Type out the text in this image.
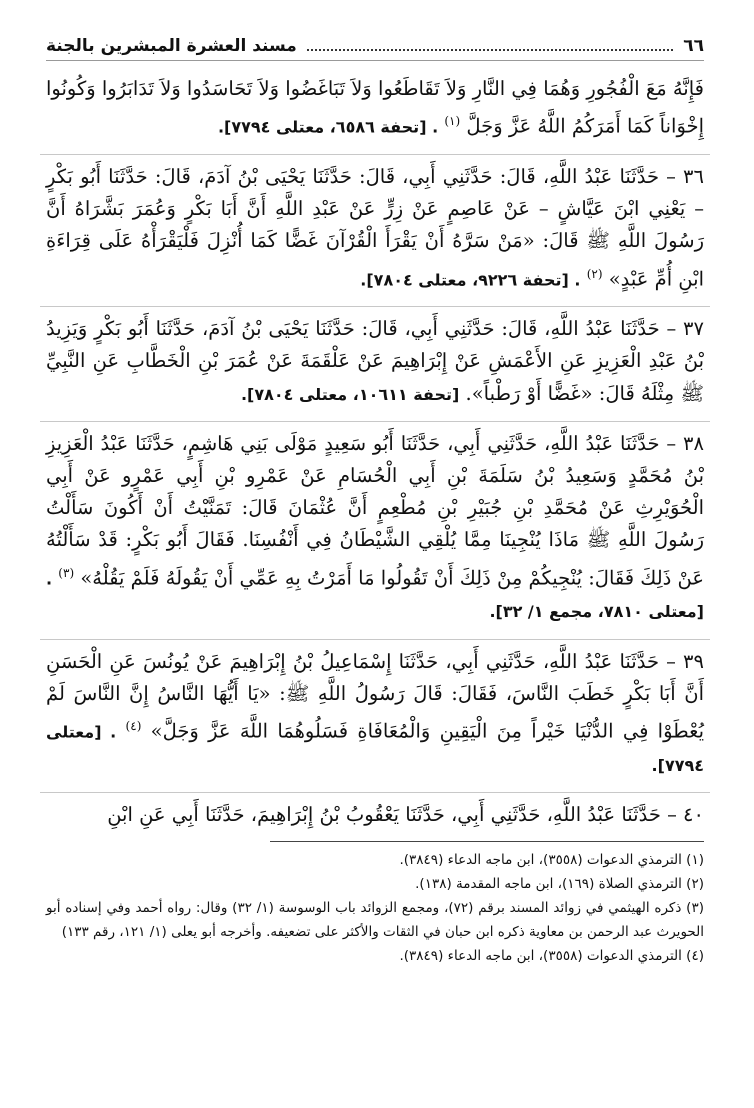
٦٦
مسند العشرة المبشرين بالجنة

فَإِنَّهُ مَعَ الْفُجُورِ وَهُمَا فِي النَّارِ وَلاَ تَقَاطَعُوا وَلاَ تَبَاغَضُوا وَلاَ تَحَاسَدُوا وَلاَ تَدَابَرُوا وَكُونُوا إِخْوَاناً كَمَا أَمَرَكُمُ اللَّهُ عَزَّ وَجَلَّ $^{(١)}$ . [تحفة ٦٥٨٦، معتلى ٧٧٩٤].

٣٦ – حَدَّثَنَا عَبْدُ اللَّهِ، قَالَ: حَدَّثَنِي أَبِي، قَالَ: حَدَّثَنَا يَحْيَى بْنُ آدَمَ، قَالَ: حَدَّثَنَا أَبُو بَكْرٍ – يَعْنِي ابْنَ عَيَّاشٍ – عَنْ عَاصِمٍ عَنْ زِرٍّ عَنْ عَبْدِ اللَّهِ أَنَّ أَبَا بَكْرٍ وَعُمَرَ بَشَّرَاهُ أَنَّ رَسُولَ اللَّهِ ﷺ قَالَ: «مَنْ سَرَّهُ أَنْ يَقْرَأَ الْقُرْآنَ غَضًّا كَمَا أُنْزِلَ فَلْيَقْرَأْهُ عَلَى قِرَاءَةِ ابْنِ أُمِّ عَبْدٍ» $^{(٢)}$ . [تحفة ٩٢٢٦، معتلى ٧٨٠٤].
٣٧ – حَدَّثَنَا عَبْدُ اللَّهِ، قَالَ: حَدَّثَنِي أَبِي، قَالَ: حَدَّثَنَا يَحْيَى بْنُ آدَمَ، حَدَّثَنَا أَبُو بَكْرٍ وَيَزِيدُ بْنُ عَبْدِ الْعَزِيزِ عَنِ الأَعْمَشِ عَنْ إِبْرَاهِيمَ عَنْ عَلْقَمَةَ عَنْ عُمَرَ بْنِ الْخَطَّابِ عَنِ النَّبِيِّ ﷺ مِثْلَهُ قَالَ: «غَضًّا أَوْ رَطْباً». [تحفة ١٠٦١١، معتلى ٧٨٠٤].
٣٨ – حَدَّثَنَا عَبْدُ اللَّهِ، حَدَّثَنِي أَبِي، حَدَّثَنَا أَبُو سَعِيدٍ مَوْلَى بَنِي هَاشِمٍ، حَدَّثَنَا عَبْدُ الْعَزِيزِ بْنُ مُحَمَّدٍ وَسَعِيدُ بْنُ سَلَمَةَ بْنِ أَبِي الْحُسَامِ عَنْ عَمْرِو بْنِ أَبِي عَمْرٍو عَنْ أَبِي الْحُوَيْرِثِ عَنْ مُحَمَّدِ بْنِ جُبَيْرِ بْنِ مُطْعِمٍ أَنَّ عُثْمَانَ قَالَ: تَمَنَّيْتُ أَنْ أَكُونَ سَأَلْتُ رَسُولَ اللَّهِ ﷺ مَاذَا يُنْجِينَا مِمَّا يُلْقِي الشَّيْطَانُ فِي أَنْفُسِنَا. فَقَالَ أَبُو بَكْرٍ: قَدْ سَأَلْتُهُ عَنْ ذَلِكَ فَقَالَ: يُنْجِيكُمْ مِنْ ذَلِكَ أَنْ تَقُولُوا مَا أَمَرْتُ بِهِ عَمِّي أَنْ يَقُولَهُ فَلَمْ يَقُلْهُ» $^{(٣)}$ . [معتلى ٧٨١٠، مجمع ١/ ٣٢].
٣٩ – حَدَّثَنَا عَبْدُ اللَّهِ، حَدَّثَنِي أَبِي، حَدَّثَنَا إِسْمَاعِيلُ بْنُ إِبْرَاهِيمَ عَنْ يُونُسَ عَنِ الْحَسَنِ أَنَّ أَبَا بَكْرٍ خَطَبَ النَّاسَ، فَقَالَ: قَالَ رَسُولُ اللَّهِ ﷺ: «يَا أَيُّهَا النَّاسُ إِنَّ النَّاسَ لَمْ يُعْطَوْا فِي الدُّنْيَا خَيْراً مِنَ الْيَقِينِ وَالْمُعَافَاةِ فَسَلُوهُمَا اللَّهَ عَزَّ وَجَلَّ» $^{(٤)}$ . [معتلى ٧٧٩٤].
٤٠ – حَدَّثَنَا عَبْدُ اللَّهِ، حَدَّثَنِي أَبِي، حَدَّثَنَا يَعْقُوبُ بْنُ إِبْرَاهِيمَ، حَدَّثَنَا أَبِي عَنِ ابْنِ

(١) الترمذي الدعوات (٣٥٥٨)، ابن ماجه الدعاء (٣٨٤٩).

(٢) الترمذي الصلاة (١٦٩)، ابن ماجه المقدمة (١٣٨).

(٣) ذكره الهيثمي في زوائد المسند برقم (٧٢)، ومجمع الزوائد باب الوسوسة (١/ ٣٢) وقال: رواه أحمد وفي إسناده أبو الحويرث عبد الرحمن بن معاوية ذكره ابن حبان في الثقات والأكثر على تضعيفه. وأخرجه أبو يعلى (١/ ١٢١، رقم ١٣٣)

(٤) الترمذي الدعوات (٣٥٥٨)، ابن ماجه الدعاء (٣٨٤٩).
